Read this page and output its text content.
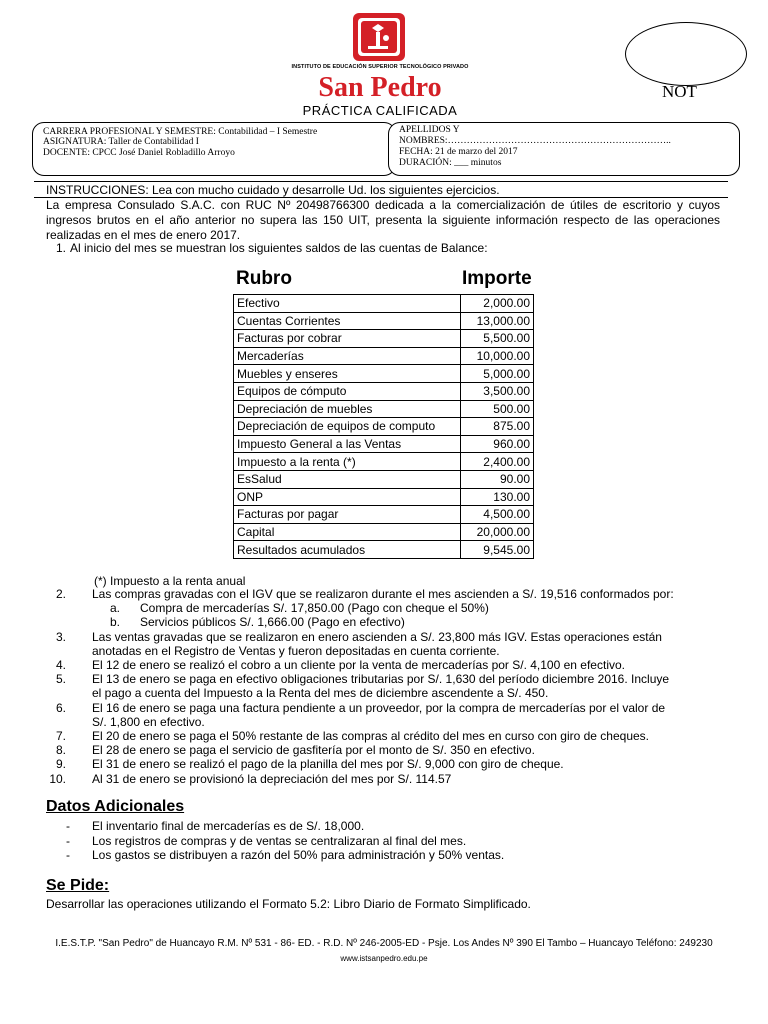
INSTITUTO DE EDUCACIÓN SUPERIOR TECNOLÓGICO PRIVADO
San Pedro
PRÁCTICA CALIFICADA
NOT
CARRERA PROFESIONAL Y SEMESTRE: Contabilidad – I Semestre
ASIGNATURA: Taller de Contabilidad I
DOCENTE: CPCC José Daniel Robladillo Arroyo
APELLIDOS Y
NOMBRES:……………………………………………………………..
FECHA: 21 de marzo del 2017
DURACIÓN: ___ minutos
INSTRUCCIONES: Lea con mucho cuidado y desarrolle Ud. los siguientes ejercicios.
La empresa Consulado S.A.C. con RUC Nº 20498766300 dedicada a la comercialización de útiles de escritorio y cuyos ingresos brutos en el año anterior no supera las 150 UIT, presenta la siguiente información respecto de las operaciones realizadas en el mes de enero 2017.
1. Al inicio del mes se muestran los siguientes saldos de las cuentas de Balance:
Rubro	Importe
Efectivo	2,000.00
Cuentas Corrientes	13,000.00
Facturas por cobrar	5,500.00
Mercaderías	10,000.00
Muebles y enseres	5,000.00
Equipos de cómputo	3,500.00
Depreciación de muebles	500.00
Depreciación de equipos de computo	875.00
Impuesto General a las Ventas	960.00
Impuesto a la renta (*)	2,400.00
EsSalud	90.00
ONP	130.00
Facturas por pagar	4,500.00
Capital	20,000.00
Resultados acumulados	9,545.00
(*) Impuesto a la renta anual
2. Las compras gravadas con el IGV que se realizaron durante el mes ascienden a S/. 19,516 conformados por:
a. Compra de mercaderías S/. 17,850.00 (Pago con cheque el 50%)
b. Servicios públicos S/. 1,666.00 (Pago en efectivo)
3. Las ventas gravadas que se realizaron en enero ascienden a S/. 23,800 más IGV. Estas operaciones están
anotadas en el Registro de Ventas y fueron depositadas en cuenta corriente.
4. El 12 de enero se realizó el cobro a un cliente por la venta de mercaderías por S/. 4,100 en efectivo.
5. El 13 de enero se paga en efectivo obligaciones tributarias por S/. 1,630 del período diciembre 2016. Incluye
el pago a cuenta del Impuesto a la Renta del mes de diciembre ascendente a S/. 450.
6. El 16 de enero se paga una factura pendiente a un proveedor, por la compra de mercaderías por el valor de
S/. 1,800 en efectivo.
7. El 20 de enero se paga el 50% restante de las compras al crédito del mes en curso con giro de cheques.
8. El 28 de enero se paga el servicio de gasfitería por el monto de S/. 350 en efectivo.
9. El 31 de enero se realizó el pago de la planilla del mes por S/. 9,000 con giro de cheque.
10. Al 31 de enero se provisionó la depreciación del mes por S/. 114.57
Datos Adicionales
- El inventario final de mercaderías es de S/. 18,000.
- Los registros de compras y de ventas se centralizaran al final del mes.
- Los gastos se distribuyen a razón del 50% para administración y 50% ventas.
Se Pide:
Desarrollar las operaciones utilizando el Formato 5.2: Libro Diario de Formato Simplificado.
I.E.S.T.P. "San Pedro" de Huancayo R.M. Nº 531 - 86- ED. - R.D. Nº 246-2005-ED - Psje. Los Andes Nº 390 El Tambo – Huancayo Teléfono: 249230
www.istsanpedro.edu.pe
